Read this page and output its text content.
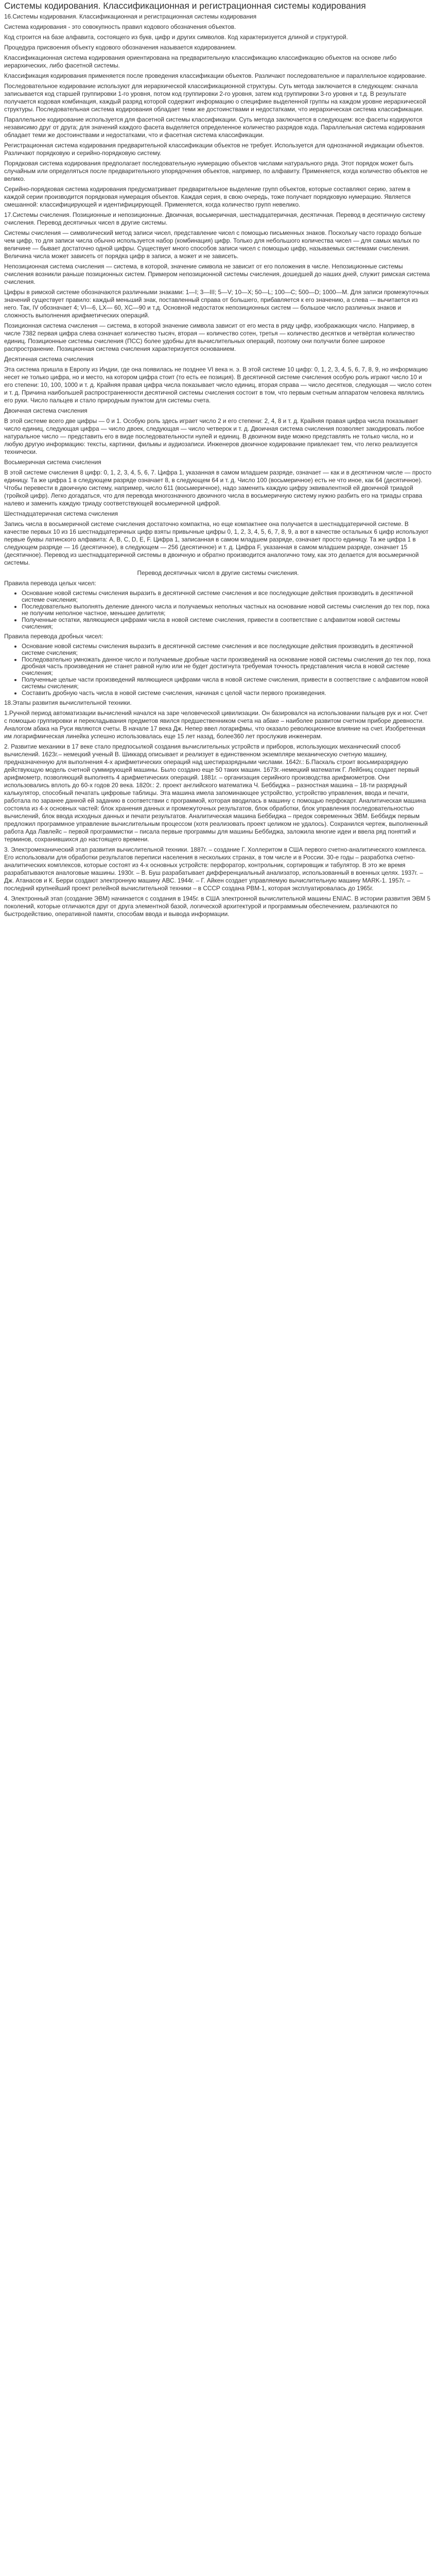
Системы кодирования. Классификационная и регистрационная системы кодирования

16.Системы кодирования. Классификационная и регистрационная системы кодирования

Система кодирования - это совокупность правил кодового обозначения объектов.

Код строится на базе алфавита, состоящего из букв, цифр и других символов. Код характеризуется длиной и структурой.

Процедура присвоения объекту кодового обозначения называется кодированием.

Классификационная система кодирования ориентирована на предварительную классификацию классификацию объектов на основе либо иерархических, либо фасетной системы.

Классификация кодирования применяется после проведения классификации объектов. Различают последовательное и параллельное кодирование.

Последовательное кодирование используют для иерархической классификационной структуры. Суть метода заключается в следующем: сначала записывается код старшей группировки 1-го уровня, потом код группировки 2-го уровня, затем код группировки 3-го уровня и т.д. В результате получается кодовая комбинация, каждый разряд которой содержит информацию о специфике выделенной группы на каждом уровне иерархической структуры. Последовательная система кодирования обладает теми же достоинствами и недостатками, что иерархическая система классификации.

Параллельное кодирование используется для фасетной системы классификации. Суть метода заключается в следующем: все фасеты кодируются независимо друг от друга; для значений каждого фасета выделяется определенное количество разрядов кода. Параллельная система кодирования обладает теми же достоинствами и недостатками, что и фасетная система классификации.

Регистрационная система кодирования предварительной классификации объектов не требует. Используется для однозначной индикации объектов. Различают порядковую и серийно-порядковую систему.

Порядковая система кодирования предполагает последовательную нумерацию объектов числами натурального ряда. Этот порядок может быть случайным или определяться после предварительного упорядочения объектов, например, по алфавиту. Применяется, когда количество объектов не велико.

Серийно-порядковая система кодирования предусматривает предварительное выделение групп объектов, которые составляют серию, затем в каждой серии производится порядковая нумерация объектов. Каждая серия, в свою очередь, тоже получает порядковую нумерацию. Является смешанной: классифицирующей и идентифицирующей. Применяется, когда количество групп невелико.

17.Системы счисления. Позиционные и непозиционные. Двоичная, восьмеричная, шестнадцатеричная, десятичная. Перевод в десятичную систему счисления. Перевод десятичных чисел в другие системы.

Системы счисления — символический метод записи чисел, представление чисел с помощью письменных знаков. Поскольку часто гораздо больше чем цифр, то для записи числа обычно используется набор (комбинация) цифр. Только для небольшого количества чисел — для самых малых по величине — бывает достаточно одной цифры. Существует много способов записи чисел с помощью цифр, называемых системами счисления. Величина числа может зависеть от порядка цифр в записи, а может и не зависеть.

Непозиционная система счисления — система, в которой, значение символа не зависит от его положения в числе. Непозиционные системы счисления возникли раньше позиционных систем. Примером непозиционной системы счисления, дошедшей до наших дней, служит римская система счисления.

Цифры в римской системе обозначаются различными знаками: 1—I; 3—III; 5—V; 10—X; 50—L; 100—C; 500—D; 1000—M. Для записи промежуточных значений существует правило: каждый меньший знак, поставленный справа от большего, прибавляется к его значению, а слева — вычитается из него. Так, IV обозначает 4; VI—6, LX— 60, XC—90 и т.д. Основной недостаток непозиционных систем — большое число различных знаков и сложность выполнения арифметических операций.

Позиционная система счисления — система, в которой значение символа зависит от его места в ряду цифр, изображающих число. Например, в числе 7382 первая цифра слева означает количество тысяч, вторая — количество сотен, третья — количество десятков и четвёртая количество единиц. Позиционные системы счисления (ПСС) более удобны для вычислительных операций, поэтому они получили более широкое распространение. Позиционная система счисления характеризуется основанием.

Десятичная система счисления

Эта система пришла в Европу из Индии, где она появилась не позднее VI века н. э. В этой системе 10 цифр: 0, 1, 2, 3, 4, 5, 6, 7, 8, 9, но информацию несет не только цифра, но и место, на котором цифра стоит (то есть ее позиция). В десятичной системе счисления особую роль играют число 10 и его степени: 10, 100, 1000 и т. д. Крайняя правая цифра числа показывает число единиц, вторая справа — число десятков, следующая — число сотен и т. д. Причина наибольшей распространенности десятичной системы счисления состоит в том, что первым счетным аппаратом человека являлись его руки. Число пальцев и стало природным пунктом для системы счета.

Двоичная система счисления

В этой системе всего две цифры — 0 и 1. Особую роль здесь играет число 2 и его степени: 2, 4, 8 и т. д. Крайняя правая цифра числа показывает число единиц, следующая цифра — число двоек, следующая — число четверок и т. д. Двоичная система счисления позволяет закодировать любое натуральное число — представить его в виде последовательности нулей и единиц. В двоичном виде можно представлять не только числа, но и любую другую информацию: тексты, картинки, фильмы и аудиозаписи. Инженеров двоичное кодирование привлекает тем, что легко реализуется технически.

Восьмеричная система счисления

В этой системе счисления 8 цифр: 0, 1, 2, 3, 4, 5, 6, 7. Цифра 1, указанная в самом младшем разряде, означает — как и в десятичном числе — просто единицу. Та же цифра 1 в следующем разряде означает 8, в следующем 64 и т. д. Число 100 (восьмеричное) есть не что иное, как 64 (десятичное). Чтобы перевести в двоичную систему, например, число 611 (восьмеричное), надо заменить каждую цифру эквивалентной ей двоичной триадой (тройкой цифр). Легко догадаться, что для перевода многозначного двоичного числа в восьмеричную систему нужно разбить его на триады справа налево и заменить каждую триаду соответствующей восьмеричной цифрой.

Шестнадцатеричная система счисления

Запись числа в восьмеричной системе счисления достаточно компактна, но еще компактнее она получается в шестнадцатеричной системе. В качестве первых 10 из 16 шестнадцатеричных цифр взяты привычные цифры 0, 1, 2, 3, 4, 5, 6, 7, 8, 9, а вот в качестве остальных 6 цифр используют первые буквы латинского алфавита: A, B, C, D, E, F. Цифра 1, записанная в самом младшем разряде, означает просто единицу. Та же цифра 1 в следующем разряде — 16 (десятичное), в следующем — 256 (десятичное) и т. д. Цифра F, указанная в самом младшем разряде, означает 15 (десятичное). Перевод из шестнадцатеричной системы в двоичную и обратно производится аналогично тому, как это делается для восьмеричной системы.

Перевод десятичных чисел в другие системы счисления.

Правила перевода целых чисел:

• Основание новой системы счисления выразить в десятичной системе счисления и все последующие действия производить в десятичной системе счисления;
• Последовательно выполнять деление данного числа и получаемых неполных частных на основание новой системы счисления до тех пор, пока не получим неполное частное, меньшее делителя;
• Полученные остатки, являющиеся цифрами числа в новой системе счисления, привести в соответствие с алфавитом новой системы счисления;

Правила перевода дробных чисел:

• Основание новой системы счисления выразить в десятичной системе счисления и все последующие действия производить в десятичной системе счисления;
• Последовательно умножать данное число и получаемые дробные части произведений на основание новой системы счисления до тех пор, пока дробная часть произведения не станет равной нулю или не будет достигнута требуемая точность представления числа в новой системе счисления;
• Полученные целые части произведений являющиеся цифрами числа в новой системе счисления, привести в соответствие с алфавитом новой системы счисления;
• Составить дробную часть числа в новой системе счисления, начиная с целой части первого произведения.

18.Этапы развития вычислительной техники.

1.Ручной период автоматизации вычислений начался на заре человеческой цивилизации. Он базировался на использовании пальцев рук и ног. Счет с помощью группировки и перекладывания предметов явился предшественником счета на абаке – наиболее развитом счетном приборе древности. Аналогом абака на Руси являются счеты. В начале 17 века Дж. Непер ввел логарифмы, что оказало революционное влияние на счет. Изобретенная им логарифмическая линейка успешно использовалась еще 15 лет назад, более360 лет прослужив инженерам.

2. Развитие механики в 17 веке стало предпосылкой создания вычислительных устройств и приборов, использующих механический способ вычислений. 1623г.– немецкий ученый В. Шиккард описывает и реализует в единственном экземпляре механическую счетную машину, предназначенную для выполнения 4-х арифметических операций над шестиразрядными числами. 1642г.: Б.Паскаль строит восьмиразрядную действующую модель счетной суммирующей машины. Было создано еще 50 таких машин. 1673г.-немецкий математик Г. Лейбниц создает первый арифмометр, позволяющий выполнять 4 арифметических операций. 1881г. – организация серийного производства арифмометров. Они использовались вплоть до 60-х годов 20 века. 1820г.: 2. проект английского математика Ч. Беббиджа – разностная машина – 18-ти разрядный калькулятор, способный печатать цифровые таблицы. Эта машина имела запоминающее устройство, устройство управления, ввода и печати, работала по заранее данной ей заданию в соответствии с программой, которая вводилась в машину с помощью перфокарт. Аналитическая машина состояла из 4-х основных частей: блок хранения данных и промежуточных результатов, блок обработки, блок управления последовательностью вычислений, блок ввода исходных данных и печати результатов. Аналитическая машина Беббиджа – предок современных ЭВМ. Беббидж первым предложил программное управление вычислительным процессом (хотя реализовать проект целиком не удалось). Сохранился чертеж, выполненный работа Ада Лавлейс – первой программистки – писала первые программы для машины Беббиджа, заложила многие идеи и ввела ряд понятий и терминов, сохранившихся до настоящего времени.

3. Электромеханический этап развития вычислительной техники. 1887г. – создание Г. Холлеритом в США первого счетно-аналитического комплекса. Его использовали для обработки результатов переписи населения в нескольких странах, в том числе и в России. 30-е годы – разработка счетно-аналитических комплексов, которые состоят из 4-х основных устройств: перфоратор, контрольник, сортировщик и табулятор. В это же время разрабатываются аналоговые машины. 1930г. – В. Буш разрабатывает дифференциальный анализатор, использованный в военных целях. 1937г. – Дж. Атанасов и К. Берри создают электронную машину АВС. 1944г. – Г. Айкен создает управляемую вычислительную машину MARK-1. 1957г. – последний крупнейший проект релейной вычислительной техники – в СССР создана РВМ-1, которая эксплуатировалась до 1965г.

4. Электронный этап (создание ЭВМ) начинается с создания в 1945г. в США электронной вычислительной машины ENIAC. В истории развития ЭВМ 5 поколений, которые отличаются друг от друга элементной базой, логической архитектурой и программным обеспечением, различаются по быстродействию, оперативной памяти, способам ввода и вывода информации.
